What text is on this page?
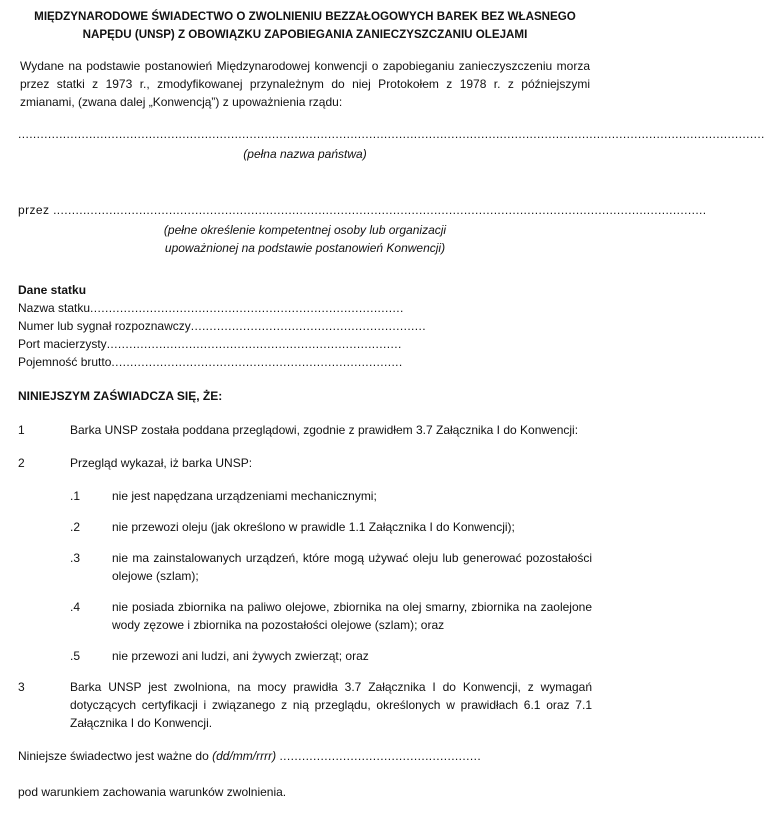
MIĘDZYNARODOWE ŚWIADECTWO O ZWOLNIENIU BEZZAŁOGOWYCH BAREK BEZ WŁASNEGO
NAPĘDU (UNSP) Z OBOWIĄZKU ZAPOBIEGANIA ZANIECZYSZCZANIU OLEJAMI
Wydane na podstawie postanowień Międzynarodowej konwencji o zapobieganiu zanieczyszczeniu morza przez statki z 1973 r., zmodyfikowanej przynależnym do niej Protokołem z 1978 r. z późniejszymi zmianami, (zwana dalej „Konwencją”) z upoważnienia rządu:
........................................................................................................................................................................................................
(pełna nazwa państwa)
przez ...............................................................................................................................................................................
(pełne określenie kompetentnej osoby lub organizacji
upoważnionej na podstawie postanowień Konwencji)
Dane statku
Nazwa statku ....................................................................................
Numer lub sygnał rozpoznawczy ...............................................................
Port macierzysty ...............................................................................
Pojemność brutto ..............................................................................
NINIEJSZYM ZAŚWIADCZA SIĘ, ŻE:
1	Barka UNSP została poddana przeglądowi, zgodnie z prawidłem 3.7 Załącznika I do Konwencji:
2	Przegląd wykazał, iż barka UNSP:
.1	nie jest napędzana urządzeniami mechanicznymi;
.2	nie przewozi oleju (jak określono w prawidle 1.1 Załącznika I do Konwencji);
.3	nie ma zainstalowanych urządzeń, które mogą używać oleju lub generować pozostałości olejowe (szlam);
.4	nie posiada zbiornika na paliwo olejowe, zbiornika na olej smarny, zbiornika na zaolejone wody zęzowe i zbiornika na pozostałości olejowe (szlam); oraz
.5	nie przewozi ani ludzi, ani żywych zwierząt; oraz
3	Barka UNSP jest zwolniona, na mocy prawidła 3.7 Załącznika I do Konwencji, z wymagań dotyczących certyfikacji i związanego z nią przeglądu, określonych w prawidłach 6.1 oraz 7.1 Załącznika I do Konwencji.
Niniejsze świadectwo jest ważne do (dd/mm/rrrr) ......................................................
pod warunkiem zachowania warunków zwolnienia.
